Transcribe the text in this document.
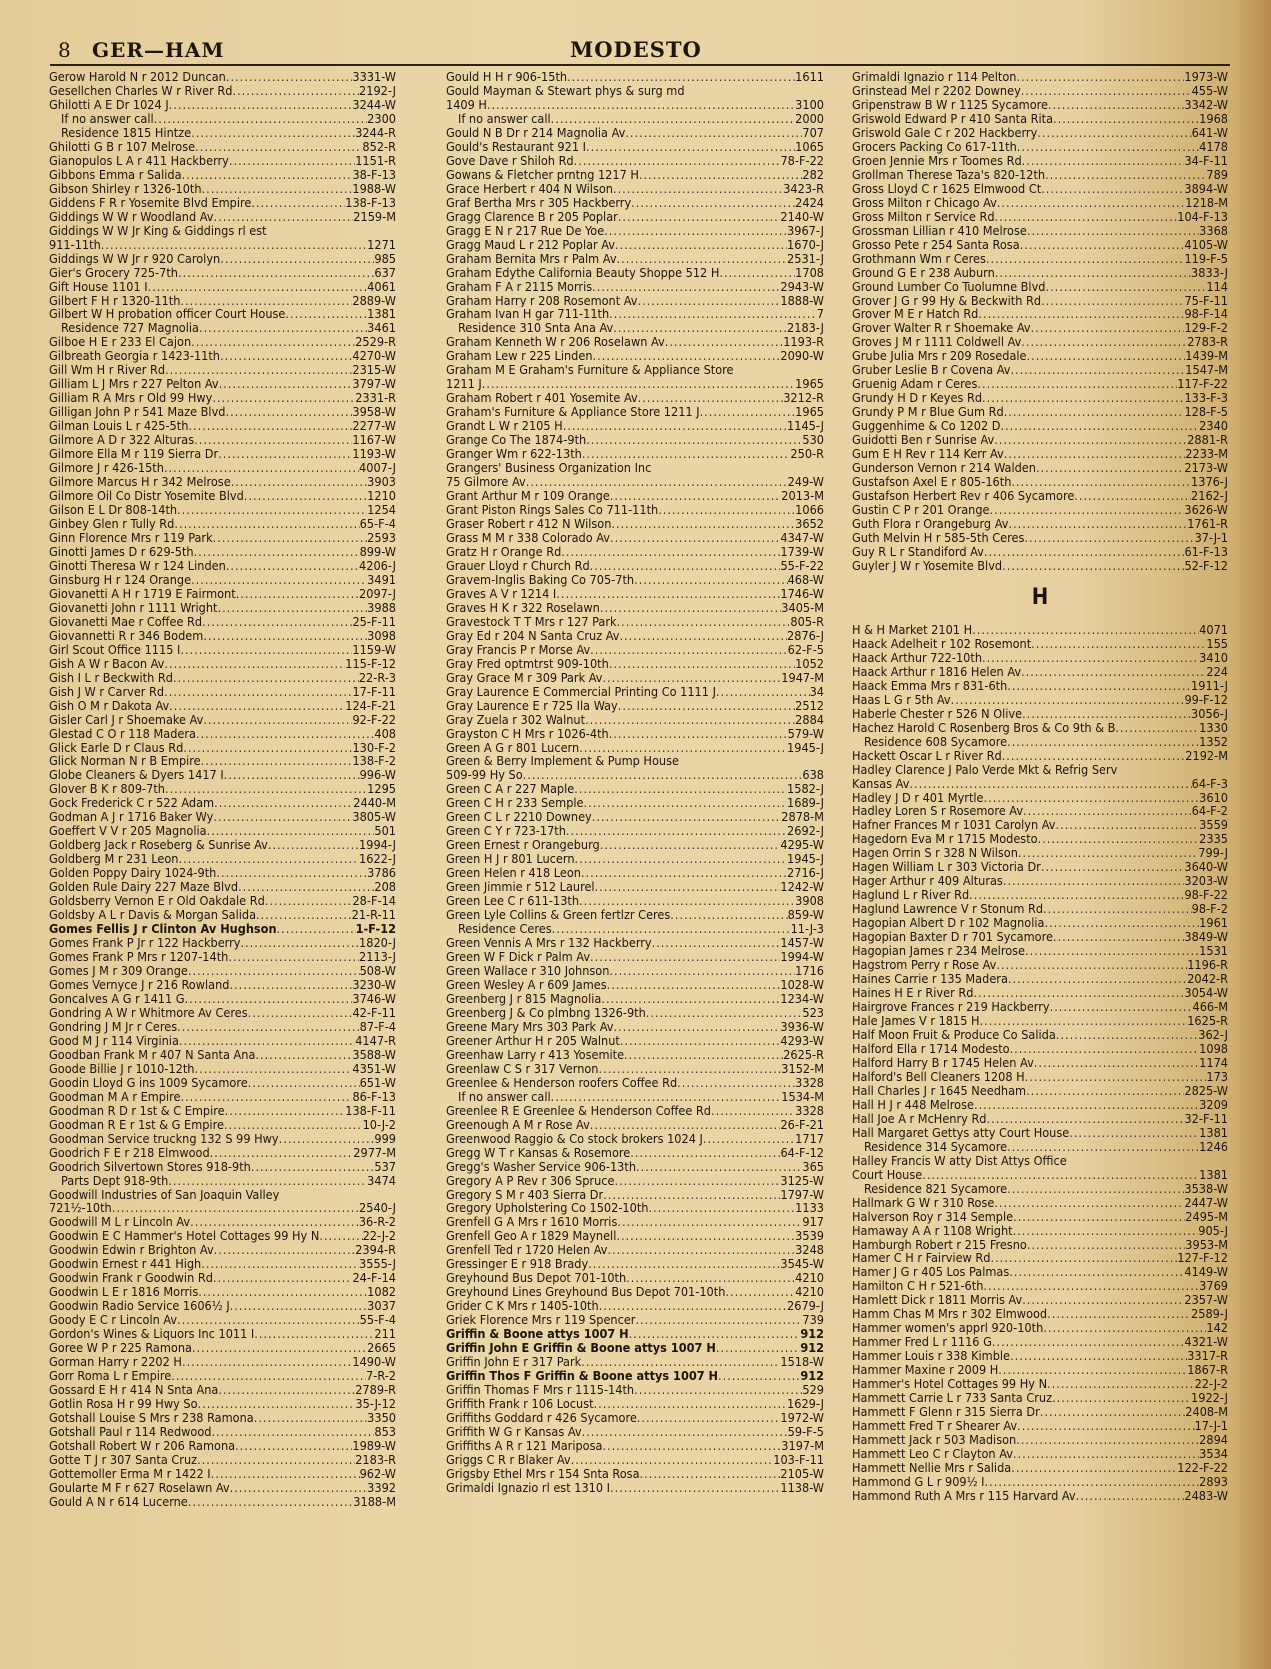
8 GER—HAM	MODESTO
Gerow Harold N r 2012 Duncan .....	3331-W
Gesellchen Charles W r River Rd .....	2192-J
Ghilotti A E Dr 1024 J .....	3244-W
If no answer call .....	2300
Residence 1815 Hintze .....	3244-R
Ghilotti G B r 107 Melrose .....	852-R
Gianopulos L A r 411 Hackberry .....	1151-R
Gibbons Emma r Salida .....	38-F-13
Gibson Shirley r 1326-10th .....	1988-W
Giddens F R r Yosemite Blvd Empire .....	138-F-13
Giddings W W r Woodland Av .....	2159-M
Giddings W W Jr King & Giddings rl est
911-11th .....	1271
Giddings W W Jr r 920 Carolyn .....	985
Gier's Grocery 725-7th .....	637
Gift House 1101 I .....	4061
Gilbert F H r 1320-11th .....	2889-W
Gilbert W H probation officer Court House .....	1381
Residence 727 Magnolia .....	3461
Gilboe H E r 233 El Cajon .....	2529-R
Gilbreath Georgia r 1423-11th .....	4270-W
Gill Wm H r River Rd .....	2315-W
Gilliam L J Mrs r 227 Pelton Av .....	3797-W
Gilliam R A Mrs r Old 99 Hwy .....	2331-R
Gilligan John P r 541 Maze Blvd .....	3958-W
Gilman Louis L r 425-5th .....	2277-W
Gilmore A D r 322 Alturas .....	1167-W
Gilmore Ella M r 119 Sierra Dr .....	1193-W
Gilmore J r 426-15th .....	4007-J
Gilmore Marcus H r 342 Melrose .....	3903
Gilmore Oil Co Distr Yosemite Blvd .....	1210
Gilson E L Dr 808-14th .....	1254
Ginbey Glen r Tully Rd .....	65-F-4
Ginn Florence Mrs r 119 Park .....	2593
Ginotti James D r 629-5th .....	899-W
Ginotti Theresa W r 124 Linden .....	4206-J
Ginsburg H r 124 Orange .....	3491
Giovanetti A H r 1719 E Fairmont .....	2097-J
Giovanetti John r 1111 Wright .....	3988
Giovanetti Mae r Coffee Rd .....	25-F-11
Giovannetti R r 346 Bodem .....	3098
Girl Scout Office 1115 I .....	1159-W
Gish A W r Bacon Av .....	115-F-12
Gish I L r Beckwith Rd .....	22-R-3
Gish J W r Carver Rd .....	17-F-11
Gish O M r Dakota Av .....	124-F-21
Gisler Carl J r Shoemake Av .....	92-F-22
Glestad C O r 118 Madera .....	408
Glick Earle D r Claus Rd .....	130-F-2
Glick Norman N r B Empire .....	138-F-2
Globe Cleaners & Dyers 1417 I .....	996-W
Glover B K r 809-7th .....	1295
Gock Frederick C r 522 Adam .....	2440-M
Godman A J r 1716 Baker Wy .....	3805-W
Goeffert V V r 205 Magnolia .....	501
Goldberg Jack r Roseberg & Sunrise Av .....	1994-J
Goldberg M r 231 Leon .....	1622-J
Golden Poppy Dairy 1024-9th .....	3786
Golden Rule Dairy 227 Maze Blvd .....	208
Goldsberry Vernon E r Old Oakdale Rd .....	28-F-14
Goldsby A L r Davis & Morgan Salida .....	21-R-11
Gomes Fellis J r Clinton Av Hughson .....	1-F-12
Gomes Frank P Jr r 122 Hackberry .....	1820-J
Gomes Frank P Mrs r 1207-14th .....	2113-J
Gomes J M r 309 Orange .....	508-W
Gomes Vernyce J r 216 Rowland .....	3230-W
Goncalves A G r 1411 G .....	3746-W
Gondring A W r Whitmore Av Ceres .....	42-F-11
Gondring J M Jr r Ceres .....	87-F-4
Good M J r 114 Virginia .....	4147-R
Goodban Frank M r 407 N Santa Ana .....	3588-W
Goode Billie J r 1010-12th .....	4351-W
Goodin Lloyd G ins 1009 Sycamore .....	651-W
Goodman M A r Empire .....	86-F-13
Goodman R D r 1st & C Empire .....	138-F-11
Goodman R E r 1st & G Empire .....	10-J-2
Goodman Service truckng 132 S 99 Hwy .....	999
Goodrich F E r 218 Elmwood .....	2977-M
Goodrich Silvertown Stores 918-9th .....	537
Parts Dept 918-9th .....	3474
Goodwill Industries of San Joaquin Valley
721½-10th .....	2540-J
Goodwill M L r Lincoln Av .....	36-R-2
Goodwin E C Hammer's Hotel Cottages 99 Hy N .....	22-J-2
Goodwin Edwin r Brighton Av .....	2394-R
Goodwin Ernest r 441 High .....	3555-J
Goodwin Frank r Goodwin Rd .....	24-F-14
Goodwin L E r 1816 Morris .....	1082
Goodwin Radio Service 1606½ J .....	3037
Goody E C r Lincoln Av .....	55-F-4
Gordon's Wines & Liquors Inc 1011 I .....	211
Goree W P r 225 Ramona .....	2665
Gorman Harry r 2202 H .....	1490-W
Gorr Roma L r Empire .....	7-R-2
Gossard E H r 414 N Snta Ana .....	2789-R
Gotlin Rosa H r 99 Hwy So .....	35-J-12
Gotshall Louise S Mrs r 238 Ramona .....	3350
Gotshall Paul r 114 Redwood .....	853
Gotshall Robert W r 206 Ramona .....	1989-W
Gotte T J r 307 Santa Cruz .....	2183-R
Gottemoller Erma M r 1422 I .....	962-W
Goularte M F r 627 Roselawn Av .....	3392
Gould A N r 614 Lucerne .....	3188-M
Gould H H r 906-15th .....	1611
Gould Mayman & Stewart phys & surg md
1409 H .....	3100
If no answer call .....	2000
Gould N B Dr r 214 Magnolia Av .....	707
Gould's Restaurant 921 I .....	1065
Gove Dave r Shiloh Rd .....	78-F-22
Gowans & Fletcher prntng 1217 H .....	282
Grace Herbert r 404 N Wilson .....	3423-R
Graf Bertha Mrs r 305 Hackberry .....	2424
Gragg Clarence B r 205 Poplar .....	2140-W
Gragg E N r 217 Rue De Yoe .....	3967-J
Gragg Maud L r 212 Poplar Av .....	1670-J
Graham Bernita Mrs r Palm Av .....	2531-J
Graham Edythe California Beauty Shoppe 512 H .....	1708
Graham F A r 2115 Morris .....	2943-W
Graham Harry r 208 Rosemont Av .....	1888-W
Graham Ivan H gar 711-11th .....	7
Residence 310 Snta Ana Av .....	2183-J
Graham Kenneth W r 206 Roselawn Av .....	1193-R
Graham Lew r 225 Linden .....	2090-W
Graham M E Graham's Furniture & Appliance Store
1211 J .....	1965
Graham Robert r 401 Yosemite Av .....	3212-R
Graham's Furniture & Appliance Store 1211 J .....	1965
Grandt L W r 2105 H .....	1145-J
Grange Co The 1874-9th .....	530
Granger Wm r 622-13th .....	250-R
Grangers' Business Organization Inc
75 Gilmore Av .....	249-W
Grant Arthur M r 109 Orange .....	2013-M
Grant Piston Rings Sales Co 711-11th .....	1066
Graser Robert r 412 N Wilson .....	3652
Grass M M r 338 Colorado Av .....	4347-W
Gratz H r Orange Rd .....	1739-W
Grauer Lloyd r Church Rd .....	55-F-22
Gravem-Inglis Baking Co 705-7th .....	468-W
Graves A V r 1214 I .....	1746-W
Graves H K r 322 Roselawn .....	3405-M
Gravestock T T Mrs r 127 Park .....	805-R
Gray Ed r 204 N Santa Cruz Av .....	2876-J
Gray Francis P r Morse Av .....	62-F-5
Gray Fred optmtrst 909-10th .....	1052
Gray Grace M r 309 Park Av .....	1947-M
Gray Laurence E Commercial Printing Co 1111 J .....	34
Gray Laurence E r 725 Ila Way .....	2512
Gray Zuela r 302 Walnut .....	2884
Grayston C H Mrs r 1026-4th .....	579-W
Green A G r 801 Lucern .....	1945-J
Green & Berry Implement & Pump House
509-99 Hy So .....	638
Green C A r 227 Maple .....	1582-J
Green C H r 233 Semple .....	1689-J
Green C L r 2210 Downey .....	2878-M
Green C Y r 723-17th .....	2692-J
Green Ernest r Orangeburg .....	4295-W
Green H J r 801 Lucern .....	1945-J
Green Helen r 418 Leon .....	2716-J
Green Jimmie r 512 Laurel .....	1242-W
Green Lee C r 611-13th .....	3908
Green Lyle Collins & Green fertlzr Ceres .....	859-W
Residence Ceres .....	11-J-3
Green Vennis A Mrs r 132 Hackberry .....	1457-W
Green W F Dick r Palm Av .....	1994-W
Green Wallace r 310 Johnson .....	1716
Green Wesley A r 609 James .....	1028-W
Greenberg J r 815 Magnolia .....	1234-W
Greenberg J & Co plmbng 1326-9th .....	523
Greene Mary Mrs 303 Park Av .....	3936-W
Greener Arthur H r 205 Walnut .....	4293-W
Greenhaw Larry r 413 Yosemite .....	2625-R
Greenlaw C S r 317 Vernon .....	3152-M
Greenlee & Henderson roofers Coffee Rd .....	3328
If no answer call .....	1534-M
Greenlee R E Greenlee & Henderson Coffee Rd .....	3328
Greenough A M r Rose Av .....	26-F-21
Greenwood Raggio & Co stock brokers 1024 J .....	1717
Gregg W T r Kansas & Rosemore .....	64-F-12
Gregg's Washer Service 906-13th .....	365
Gregory A P Rev r 306 Spruce .....	3125-W
Gregory S M r 403 Sierra Dr .....	1797-W
Gregory Upholstering Co 1502-10th .....	1133
Grenfell G A Mrs r 1610 Morris .....	917
Grenfell Geo A r 1829 Maynell .....	3539
Grenfell Ted r 1720 Helen Av .....	3248
Gressinger E r 918 Brady .....	3545-W
Greyhound Bus Depot 701-10th .....	4210
Greyhound Lines Greyhound Bus Depot 701-10th .....	4210
Grider C K Mrs r 1405-10th .....	2679-J
Griek Florence Mrs r 119 Spencer .....	739
Griffin & Boone attys 1007 H .....	912
Griffin John E Griffin & Boone attys 1007 H .....	912
Griffin John E r 317 Park .....	1518-W
Griffin Thos F Griffin & Boone attys 1007 H .....	912
Griffin Thomas F Mrs r 1115-14th .....	529
Griffith Frank r 106 Locust .....	1629-J
Griffiths Goddard r 426 Sycamore .....	1972-W
Griffith W G r Kansas Av .....	59-F-5
Griffiths A R r 121 Mariposa .....	3197-M
Griggs C R r Blaker Av .....	103-F-11
Grigsby Ethel Mrs r 154 Snta Rosa .....	2105-W
Grimaldi Ignazio rl est 1310 I .....	1138-W
Grimaldi Ignazio r 114 Pelton .....	1973-W
Grinstead Mel r 2202 Downey .....	455-W
Gripenstraw B W r 1125 Sycamore .....	3342-W
Griswold Edward P r 410 Santa Rita .....	1968
Griswold Gale C r 202 Hackberry .....	641-W
Grocers Packing Co 617-11th .....	4178
Groen Jennie Mrs r Toomes Rd .....	34-F-11
Grollman Therese Taza's 820-12th .....	789
Gross Lloyd C r 1625 Elmwood Ct .....	3894-W
Gross Milton r Chicago Av .....	1218-M
Gross Milton r Service Rd .....	104-F-13
Grossman Lillian r 410 Melrose .....	3368
Grosso Pete r 254 Santa Rosa .....	4105-W
Grothmann Wm r Ceres .....	119-F-5
Ground G E r 238 Auburn .....	3833-J
Ground Lumber Co Tuolumne Blvd .....	114
Grover J G r 99 Hy & Beckwith Rd .....	75-F-11
Grover M E r Hatch Rd .....	98-F-14
Grover Walter R r Shoemake Av .....	129-F-2
Groves J M r 1111 Coldwell Av .....	2783-R
Grube Julia Mrs r 209 Rosedale .....	1439-M
Gruber Leslie B r Covena Av .....	1547-M
Gruenig Adam r Ceres .....	117-F-22
Grundy H D r Keyes Rd .....	133-F-3
Grundy P M r Blue Gum Rd .....	128-F-5
Guggenhime & Co 1202 D .....	2340
Guidotti Ben r Sunrise Av .....	2881-R
Gum E H Rev r 114 Kerr Av .....	2233-M
Gunderson Vernon r 214 Walden .....	2173-W
Gustafson Axel E r 805-16th .....	1376-J
Gustafson Herbert Rev r 406 Sycamore .....	2162-J
Gustin C P r 201 Orange .....	3626-W
Guth Flora r Orangeburg Av .....	1761-R
Guth Melvin H r 585-5th Ceres .....	37-J-1
Guy R L r Standiford Av .....	61-F-13
Guyler J W r Yosemite Blvd .....	52-F-12
H
H & H Market 2101 H .....	4071
Haack Adelheit r 102 Rosemont .....	155
Haack Arthur 722-10th .....	3410
Haack Arthur r 1816 Helen Av .....	224
Haack Emma Mrs r 831-6th .....	1911-J
Haas L G r 5th Av .....	99-F-12
Haberle Chester r 526 N Olive .....	3056-J
Hachez Harold C Rosenberg Bros & Co 9th & B .....	1330
Residence 608 Sycamore .....	1352
Hackett Oscar L r River Rd .....	2192-M
Hadley Clarence J Palo Verde Mkt & Refrig Serv
Kansas Av .....	64-F-3
Hadley J D r 401 Myrtle .....	3610
Hadley Loren S r Rosemore Av .....	64-F-2
Hafner Frances M r 1031 Carolyn Av .....	3559
Hagedorn Eva M r 1715 Modesto .....	2335
Hagen Orrin S r 328 N Wilson .....	799-J
Hagen William L r 303 Victoria Dr .....	3640-W
Hager Arthur r 409 Alturas .....	3203-W
Haglund L r River Rd .....	98-F-22
Haglund Lawrence V r Stonum Rd .....	98-F-2
Hagopian Albert D r 102 Magnolia .....	1961
Hagopian Baxter D r 701 Sycamore .....	3849-W
Hagopian James r 234 Melrose .....	1531
Hagstrom Perry r Rose Av .....	1196-R
Haines Carrie r 135 Madera .....	2042-R
Haines H E r River Rd .....	3054-W
Hairgrove Frances r 219 Hackberry .....	466-M
Hale James V r 1815 H .....	1625-R
Half Moon Fruit & Produce Co Salida .....	362-J
Halford Ella r 1714 Modesto .....	1098
Halford Harry B r 1745 Helen Av .....	1174
Halford's Bell Cleaners 1208 H .....	173
Hall Charles J r 1645 Needham .....	2825-W
Hall H J r 448 Melrose .....	3209
Hall Joe A r McHenry Rd .....	32-F-11
Hall Margaret Gettys atty Court House .....	1381
Residence 314 Sycamore .....	1246
Halley Francis W atty Dist Attys Office
Court House .....	1381
Residence 821 Sycamore .....	3538-W
Hallmark G W r 310 Rose .....	2447-W
Halverson Roy r 314 Semple .....	2495-M
Hamaway A A r 1108 Wright .....	905-J
Hamburgh Robert r 215 Fresno .....	3953-M
Hamer C H r Fairview Rd .....	127-F-12
Hamer J G r 405 Los Palmas .....	4149-W
Hamilton C H r 521-6th .....	3769
Hamlett Dick r 1811 Morris Av .....	2357-W
Hamm Chas M Mrs r 302 Elmwood .....	2589-J
Hammer women's apprl 920-10th .....	142
Hammer Fred L r 1116 G .....	4321-W
Hammer Louis r 338 Kimble .....	3317-R
Hammer Maxine r 2009 H .....	1867-R
Hammer's Hotel Cottages 99 Hy N .....	22-J-2
Hammett Carrie L r 733 Santa Cruz .....	1922-J
Hammett F Glenn r 315 Sierra Dr .....	2408-M
Hammett Fred T r Shearer Av .....	17-J-1
Hammett Jack r 503 Madison .....	2894
Hammett Leo C r Clayton Av .....	3534
Hammett Nellie Mrs r Salida .....	122-F-22
Hammond G L r 909½ I .....	2893
Hammond Ruth A Mrs r 115 Harvard Av .....	2483-W
